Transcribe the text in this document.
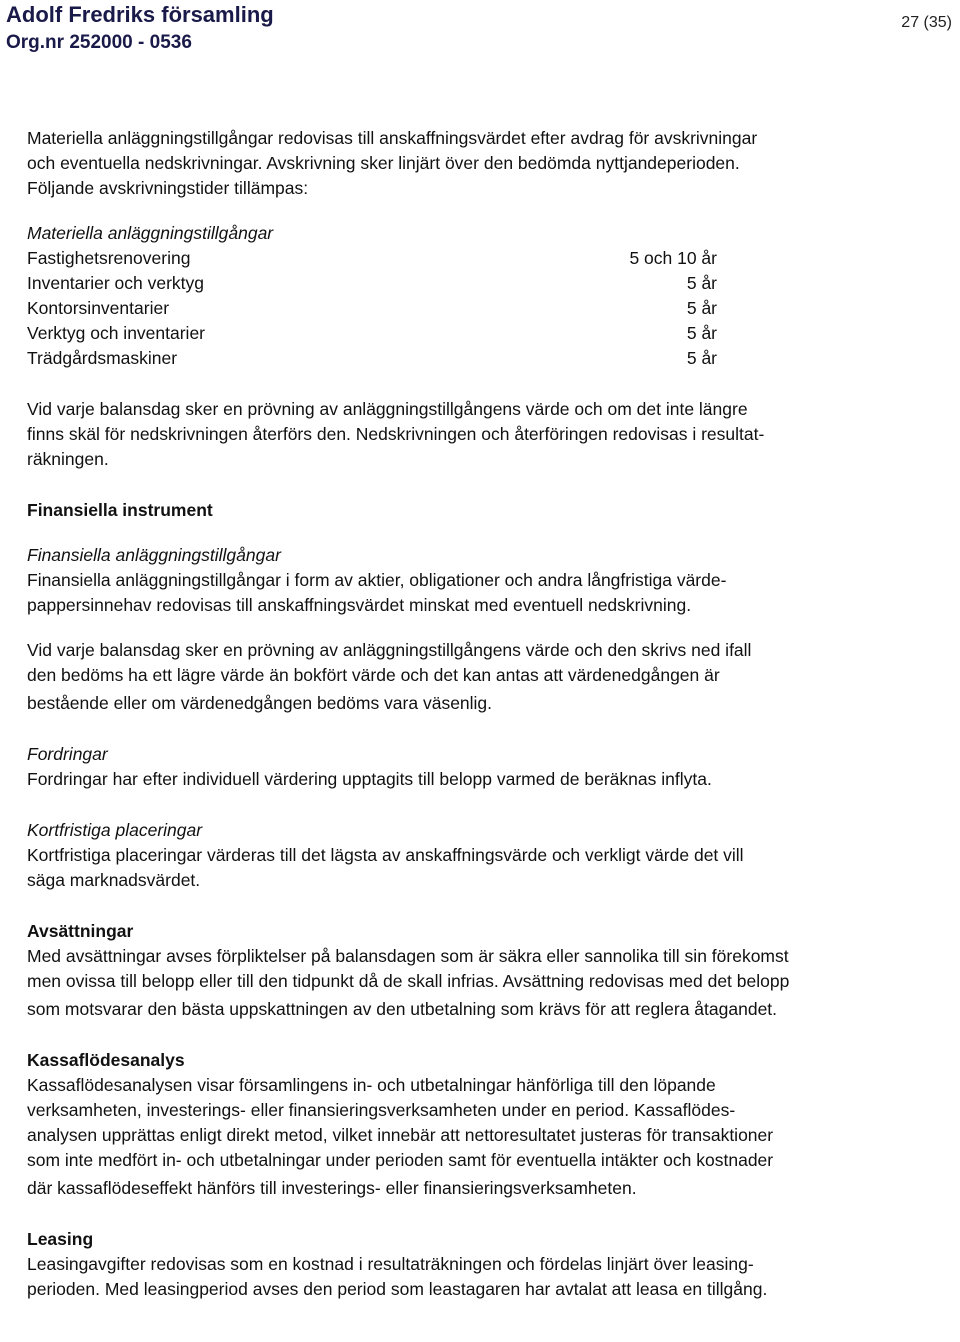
Adolf Fredriks församling
Org.nr 252000 - 0536
27 (35)

Materiella anläggningstillgångar redovisas till anskaffningsvärdet efter avdrag för avskrivningar

och eventuella nedskrivningar. Avskrivning sker linjärt över den bedömda nyttjandeperioden.

Följande avskrivningstider tillämpas:

Materiella anläggningstillgångar

Fastighetsrenovering	5 och 10 år
Inventarier och verktyg	5 år
Kontorsinventarier	5 år
Verktyg och inventarier	5 år
Trädgårdsmaskiner	5 år

Vid varje balansdag sker en prövning av anläggningstillgångens värde och om det inte längre

finns skäl för nedskrivningen återförs den. Nedskrivningen och återföringen redovisas i resultat-

räkningen.

Finansiella instrument

Finansiella anläggningstillgångar

Finansiella anläggningstillgångar i form av aktier, obligationer och andra långfristiga värde-

pappersinnehav redovisas till anskaffningsvärdet minskat med eventuell nedskrivning.

Vid varje balansdag sker en prövning av anläggningstillgångens värde och den skrivs ned ifall

den bedöms ha ett lägre värde än bokfört värde och det kan antas att värdenedgången är

bestående eller om värdenedgången bedöms vara väsenlig.

Fordringar

Fordringar har efter individuell värdering upptagits till belopp varmed de beräknas inflyta.

Kortfristiga placeringar

Kortfristiga placeringar värderas till det lägsta av anskaffningsvärde och verkligt värde det vill

säga marknadsvärdet.

Avsättningar

Med avsättningar avses förpliktelser på balansdagen som är säkra eller sannolika till sin förekomst

men ovissa till belopp eller till den tidpunkt då de skall infrias. Avsättning redovisas med det belopp

som motsvarar den bästa uppskattningen av den utbetalning som krävs för att reglera åtagandet.

Kassaflödesanalys

Kassaflödesanalysen visar församlingens in- och utbetalningar hänförliga till den löpande

verksamheten, investerings- eller finansieringsverksamheten under en period. Kassaflödes-

analysen upprättas enligt direkt metod, vilket innebär att nettoresultatet justeras för transaktioner

som inte medfört in- och utbetalningar under perioden samt för eventuella intäkter och kostnader

där kassaflödeseffekt hänförs till investerings- eller finansieringsverksamheten.

Leasing

Leasingavgifter redovisas som en kostnad i resultaträkningen och fördelas linjärt över leasing-

perioden. Med leasingperiod avses den period som leastagaren har avtalat att leasa en tillgång.
